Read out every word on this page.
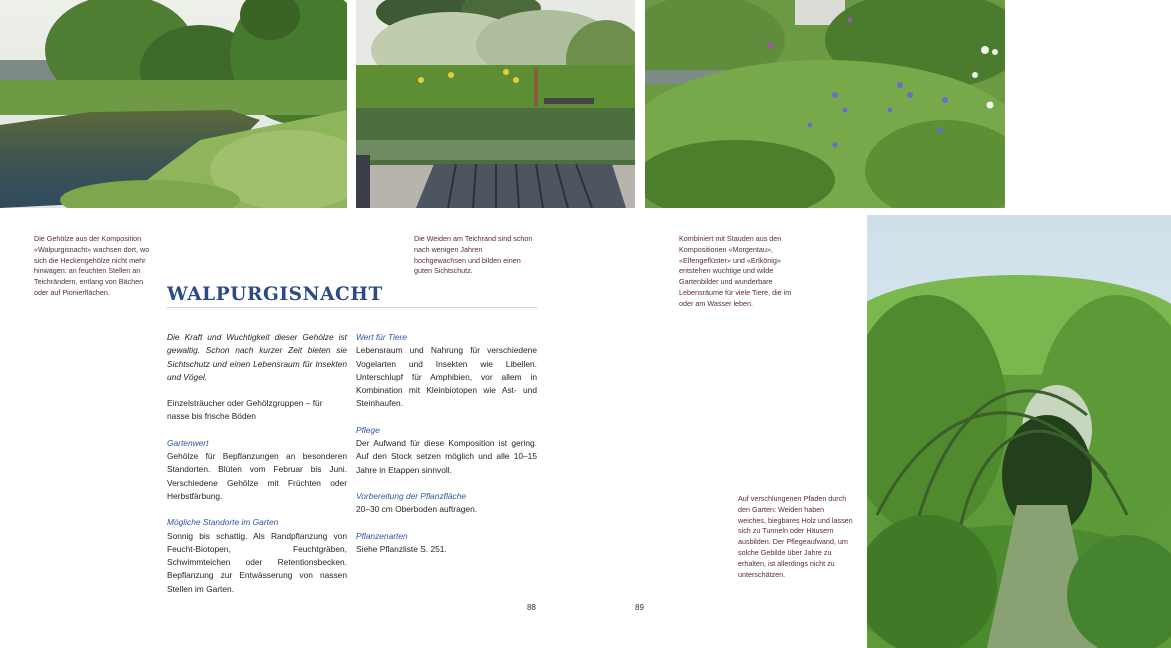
Die Gehölze aus der Komposition «Walpurgisnacht» wachsen dort, wo sich die Heckengehölze nicht mehr hinwagen: an feuchten Stellen an Teichrändern, entlang von Bächen oder auf Pionierflächen.
Die Weiden am Teichrand sind schon nach wenigen Jahren hochgewachsen und bilden einen guten Sichtschutz.
Kombiniert mit Stauden aus den Kompositionen «Morgentau», «Elfengeflüster» und «Erlkönig» entstehen wuchtige und wilde Gartenbilder und wunderbare Lebensräume für viele Tiere, die im oder am Wasser leben.
Auf verschlungenen Pfaden durch den Garten: Weiden haben weiches, biegbares Holz und lassen sich zu Tunneln oder Häusern ausbilden. Der Pflegeaufwand, um solche Gebilde über Jahre zu erhalten, ist allerdings nicht zu unterschätzen.
WALPURGISNACHT

Die Kraft und Wuchtigkeit dieser Gehölze ist gewaltig. Schon nach kurzer Zeit bieten sie Sichtschutz und einen Lebensraum für Insekten und Vögel.

Einzelsträucher oder Gehölzgruppen – für nasse bis frische Böden

Gartenwert

Gehölze für Bepflanzungen an besonderen Standorten. Blüten vom Februar bis Juni. Verschiedene Gehölze mit Früchten oder Herbstfärbung.

Mögliche Standorte im Garten

Sonnig bis schattig. Als Randpflanzung von Feucht-Biotopen, Feuchtgräben, Schwimmteichen oder Retentionsbecken. Bepflanzung zur Entwässerung von nassen Stellen im Garten.

Wert für Tiere

Lebensraum und Nahrung für verschiedene Vogelarten und Insekten wie Libellen. Unterschlupf für Amphibien, vor allem in Kombination mit Kleinbiotopen wie Ast- und Steinhaufen.

Pflege

Der Aufwand für diese Komposition ist gering. Auf den Stock setzen möglich und alle 10–15 Jahre in Etappen sinnvoll.

Vorbereitung der Pflanzfläche

20–30 cm Oberboden auftragen.

Pflanzenarten

Siehe Pflanzliste S. 251.

88	89
